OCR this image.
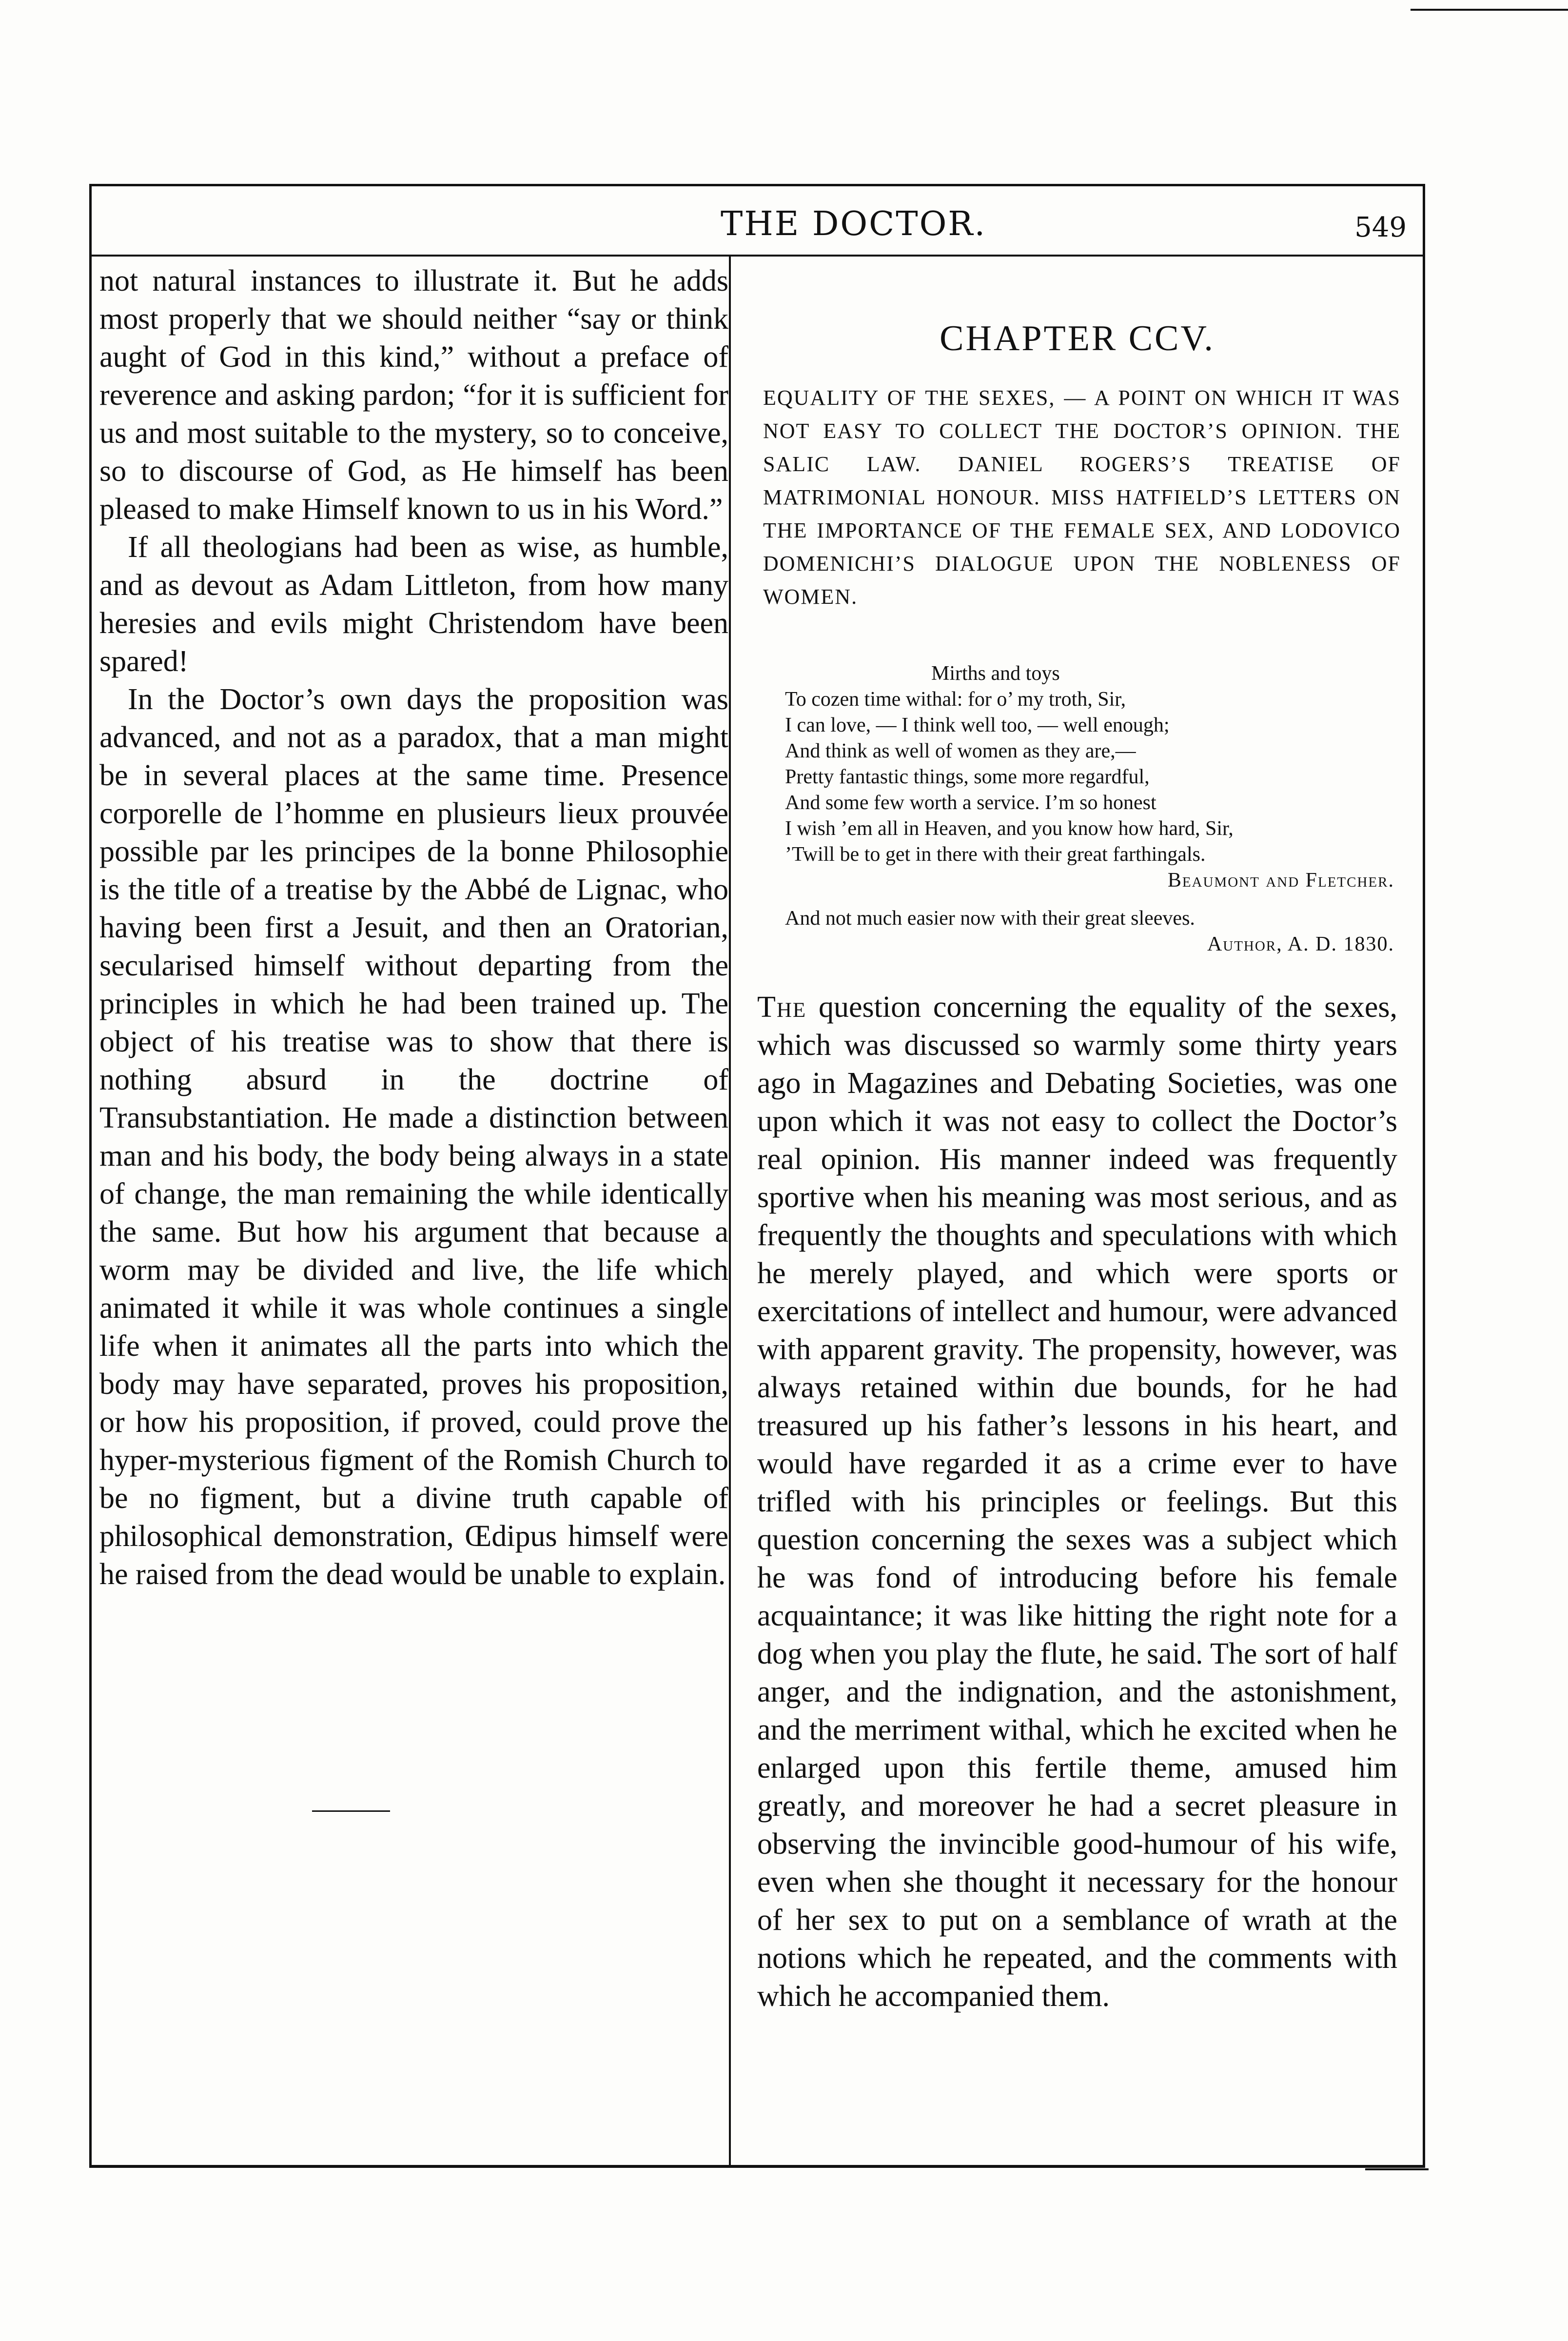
THE DOCTOR.	549

not natural instances to illustrate it. But he adds most properly that we should neither “say or think aught of God in this kind,” without a preface of reverence and asking pardon; “for it is sufficient for us and most suitable to the mystery, so to conceive, so to discourse of God, as He himself has been pleased to make Himself known to us in his Word.”

If all theologians had been as wise, as humble, and as devout as Adam Littleton, from how many heresies and evils might Christendom have been spared!

In the Doctor’s own days the proposition was advanced, and not as a paradox, that a man might be in several places at the same time. Presence corporelle de l’homme en plusieurs lieux prouvée possible par les principes de la bonne Philosophie is the title of a treatise by the Abbé de Lignac, who having been first a Jesuit, and then an Oratorian, secularised himself without departing from the principles in which he had been trained up. The object of his treatise was to show that there is nothing absurd in the doctrine of Transubstantiation. He made a distinction between man and his body, the body being always in a state of change, the man remaining the while identically the same. But how his argument that because a worm may be divided and live, the life which animated it while it was whole continues a single life when it animates all the parts into which the body may have separated, proves his proposition, or how his proposition, if proved, could prove the hyper-mysterious figment of the Romish Church to be no figment, but a divine truth capable of philosophical demonstration, Œdipus himself were he raised from the dead would be unable to explain.

CHAPTER CCV.
EQUALITY OF THE SEXES, — A POINT ON WHICH IT WAS NOT EASY TO COLLECT THE DOCTOR’S OPINION. THE SALIC LAW. DANIEL ROGERS’S TREATISE OF MATRIMONIAL HONOUR. MISS HATFIELD’S LETTERS ON THE IMPORTANCE OF THE FEMALE SEX, AND LODOVICO DOMENICHI’S DIALOGUE UPON THE NOBLENESS OF WOMEN.
Mirths and toys
To cozen time withal: for o’ my troth, Sir,
I can love, — I think well too, — well enough;
And think as well of women as they are,—
Pretty fantastic things, some more regardful,
And some few worth a service. I’m so honest
I wish ’em all in Heaven, and you know how hard, Sir,
’Twill be to get in there with their great farthingals.
Beaumont and Fletcher.
And not much easier now with their great sleeves.
Author, A. D. 1830.

The question concerning the equality of the sexes, which was discussed so warmly some thirty years ago in Magazines and Debating Societies, was one upon which it was not easy to collect the Doctor’s real opinion. His manner indeed was frequently sportive when his meaning was most serious, and as frequently the thoughts and speculations with which he merely played, and which were sports or exercitations of intellect and humour, were advanced with apparent gravity. The propensity, however, was always retained within due bounds, for he had treasured up his father’s lessons in his heart, and would have regarded it as a crime ever to have trifled with his principles or feelings. But this question concerning the sexes was a subject which he was fond of introducing before his female acquaintance; it was like hitting the right note for a dog when you play the flute, he said. The sort of half anger, and the indignation, and the astonishment, and the merriment withal, which he excited when he enlarged upon this fertile theme, amused him greatly, and moreover he had a secret pleasure in observing the invincible good-humour of his wife, even when she thought it necessary for the honour of her sex to put on a semblance of wrath at the notions which he repeated, and the comments with which he accompanied them.
